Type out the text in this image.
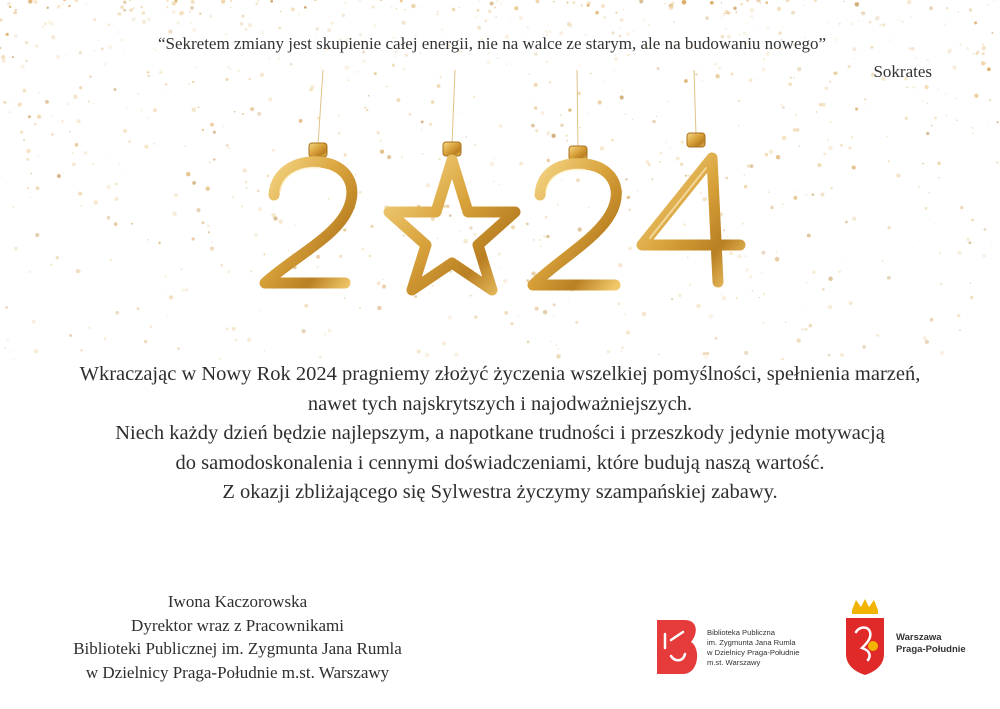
“Sekretem zmiany jest skupienie całej energii, nie na walce ze starym, ale na budowaniu nowego”
Sokrates
Wkraczając w Nowy Rok 2024 pragniemy złożyć życzenia wszelkiej pomyślności, spełnienia marzeń,
nawet tych najskrytszych i najodważniejszych.
Niech każdy dzień będzie najlepszym, a napotkane trudności i przeszkody jedynie motywacją
do samodoskonalenia i cennymi doświadczeniami, które budują naszą wartość.
Z okazji zbliżającego się Sylwestra życzymy szampańskiej zabawy.
Iwona Kaczorowska
Dyrektor wraz z Pracownikami
Biblioteki Publicznej im. Zygmunta Jana Rumla
w Dzielnicy Praga-Południe m.st. Warszawy
Biblioteka Publiczna
im. Zygmunta Jana Rumla
w Dzielnicy Praga-Południe
m.st. Warszawy
Warszawa
Praga-Południe
